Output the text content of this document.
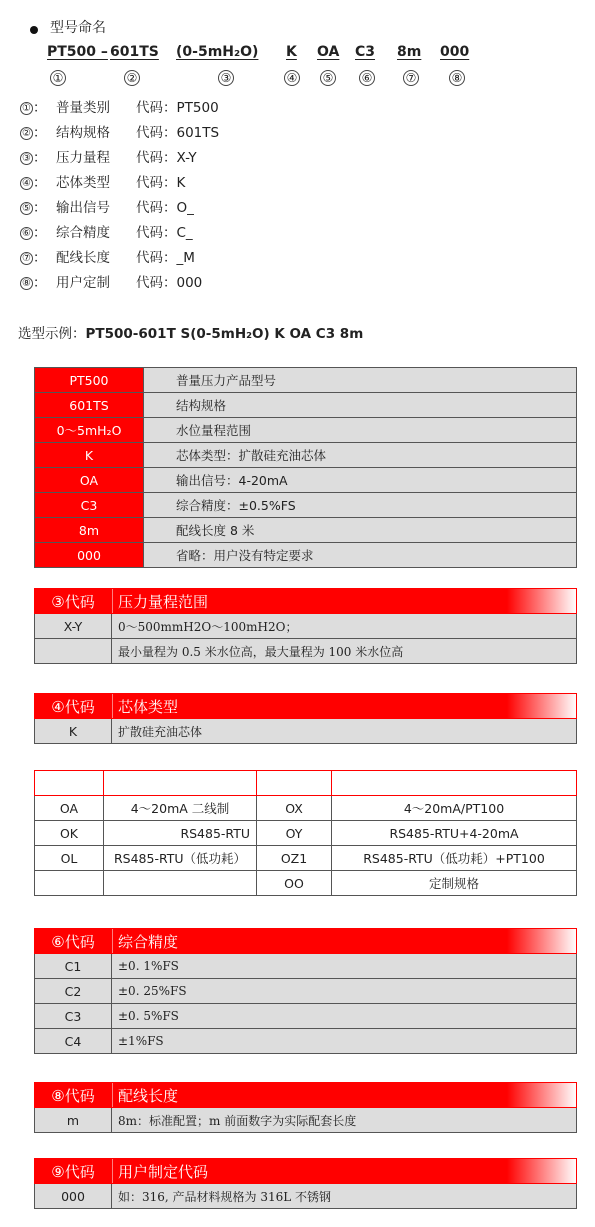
型号命名
PT500 – 601TS (0-5mH₂O) K OA C3 8m 000
①	②	③	④ ⑤ ⑥	⑦	⑧
① ： 普量类别 代码：PT500
② ： 结构规格 代码：601TS
③ ： 压力量程 代码：X-Y
④ ： 芯体类型 代码：K
⑤ ： 输出信号 代码：O_
⑥ ： 综合精度 代码：C_
⑦ ： 配线长度 代码：_M
⑧ ： 用户定制 代码：000
选型示例：PT500-601T S(0-5mH₂O) K OA C3 8m
PT500	普量压力产品型号
601TS	结构规格
0～5mH₂O	水位量程范围
K	芯体类型：扩散硅充油芯体
OA	输出信号：4-20mA
C3	综合精度：±0.5%FS
8m	配线长度 8 米
000	省略：用户没有特定要求
③代码	压力量程范围
X-Y	0～500mmH2O～100mH2O；
	最小量程为 0.5 米水位高，最大量程为 100 米水位高
④代码	芯体类型
K	扩散硅充油芯体
⑤代码	输出信号	⑤代码	输出信号
OA	4～20mA 二线制	OX	4～20mA/PT100
OK	RS485-RTU	OY	RS485-RTU+4-20mA
OL	RS485-RTU（低功耗）	OZ1	RS485-RTU（低功耗）+PT100
		OO	定制规格
⑥代码	综合精度
C1	±0. 1%FS
C2	±0. 25%FS
C3	±0. 5%FS
C4	±1%FS
⑧代码	配线长度
m	8m：标准配置；m 前面数字为实际配套长度
⑨代码	用户制定代码
000	如：316, 产品材料规格为 316L 不锈钢
